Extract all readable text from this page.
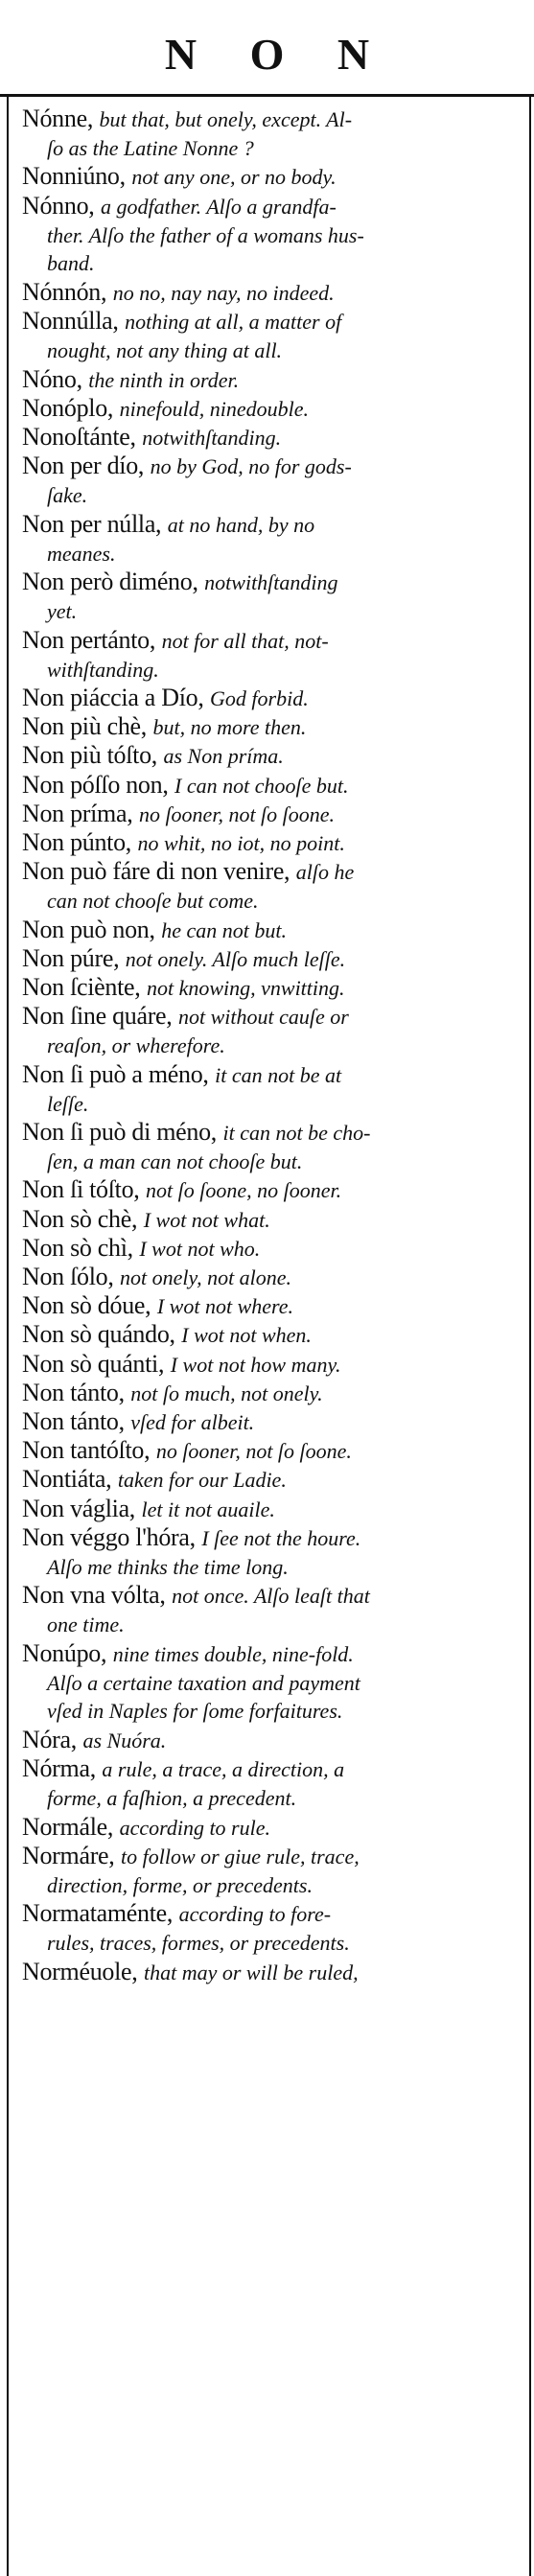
N O N
Nónne, but that, but onely, except. Al-
ſo as the Latine Nonne ?
Nonniúno, not any one, or no body.
Nónno, a godfather. Alſo a grandfa-
ther. Alſo the father of a womans hus-
band.
Nónnón, no no, nay nay, no indeed.
Nonnúlla, nothing at all, a matter of
nought, not any thing at all.
Nóno, the ninth in order.
Nonóplo, ninefould, ninedouble.
Nonoſtánte, notwithſtanding.
Non per dío, no by God, no for gods-
ſake.
Non per núlla, at no hand, by no
meanes.
Non però diméno, notwithſtanding
yet.
Non pertánto, not for all that, not-
withſtanding.
Non piáccia a Dío, God forbid.
Non più chè, but, no more then.
Non più tóſto, as Non príma.
Non póſſo non, I can not chooſe but.
Non príma, no ſooner, not ſo ſoone.
Non púnto, no whit, no iot, no point.
Non può fáre di non venire, alſo he
can not chooſe but come.
Non può non, he can not but.
Non púre, not onely. Alſo much leſſe.
Non ſciènte, not knowing, vnwitting.
Non ſine quáre, not without cauſe or
reaſon, or wherefore.
Non ſi può a méno, it can not be at
leſſe.
Non ſi può di méno, it can not be cho-
ſen, a man can not chooſe but.
Non ſi tóſto, not ſo ſoone, no ſooner.
Non sò chè, I wot not what.
Non sò chì, I wot not who.
Non ſólo, not onely, not alone.
Non sò dóue, I wot not where.
Non sò quándo, I wot not when.
Non sò quánti, I wot not how many.
Non tánto, not ſo much, not onely.
Non tánto, vſed for albeit.
Non tantóſto, no ſooner, not ſo ſoone.
Nontiáta, taken for our Ladie.
Non váglia, let it not auaile.
Non véggo l'hóra, I ſee not the houre.
Alſo me thinks the time long.
Non vna vólta, not once. Alſo leaſt that
one time.
Nonúpo, nine times double, nine-fold.
Alſo a certaine taxation and payment
vſed in Naples for ſome forfaitures.
Nóra, as Nuóra.
Nórma, a rule, a trace, a direction, a
forme, a faſhion, a precedent.
Normále, according to rule.
Normáre, to follow or giue rule, trace,
direction, forme, or precedents.
Normataménte, according to fore-
rules, traces, formes, or precedents.
Norméuole, that may or will be ruled,
